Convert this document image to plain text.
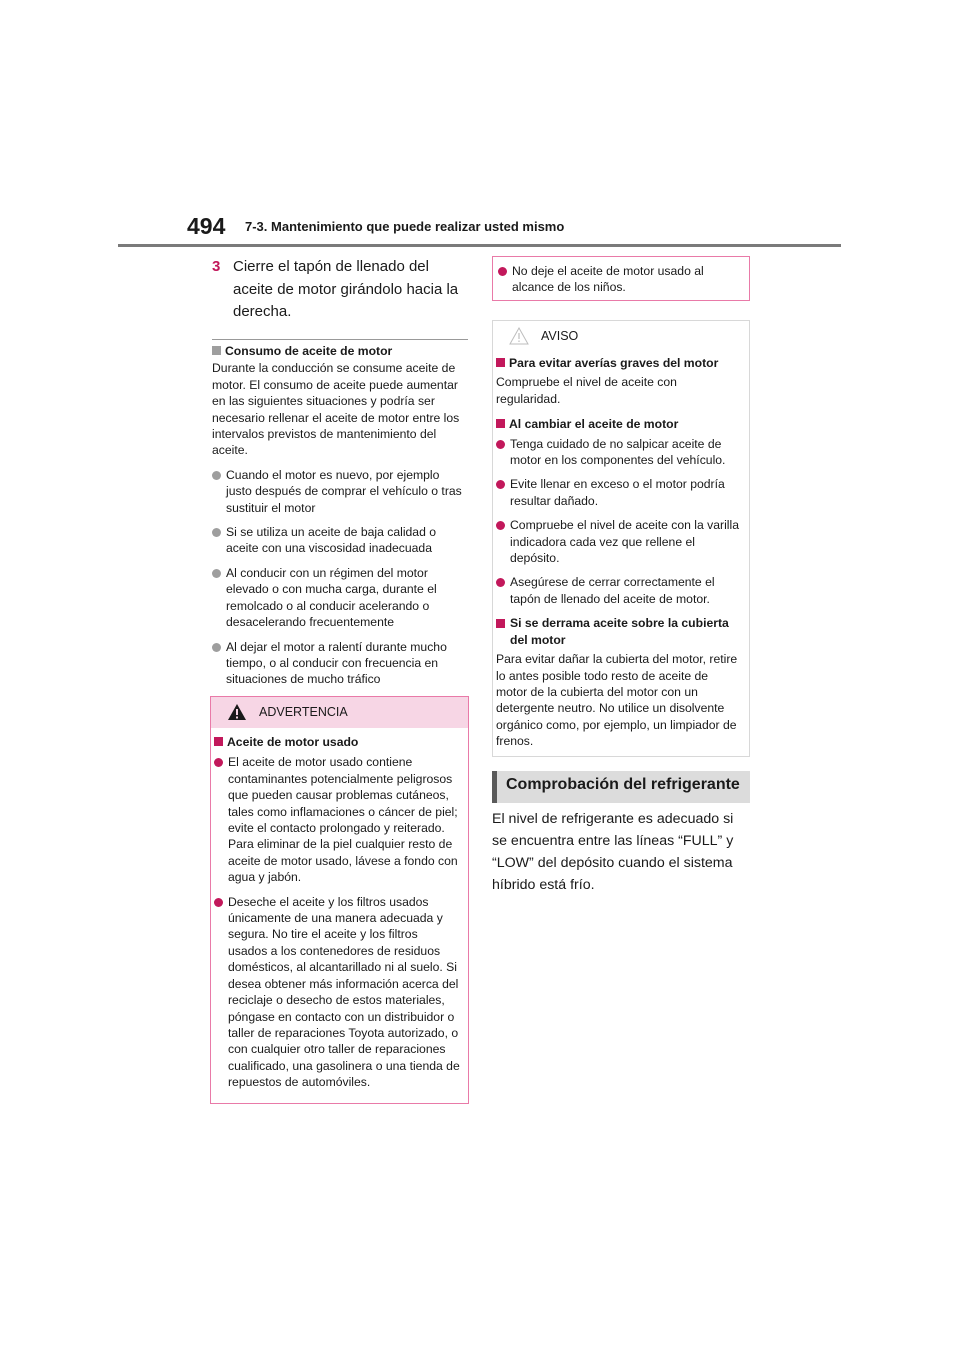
494 7-3. Mantenimiento que puede realizar usted mismo
3 Cierre el tapón de llenado del aceite de motor girándolo hacia la derecha.
Consumo de aceite de motor
Durante la conducción se consume aceite de motor. El consumo de aceite puede aumentar en las siguientes situaciones y podría ser necesario rellenar el aceite de motor entre los intervalos previstos de mantenimiento del aceite.
Cuando el motor es nuevo, por ejemplo justo después de comprar el vehículo o tras sustituir el motor
Si se utiliza un aceite de baja calidad o aceite con una viscosidad inadecuada
Al conducir con un régimen del motor elevado o con mucha carga, durante el remolcado o al conducir acelerando o desacelerando frecuentemente
Al dejar el motor a ralentí durante mucho tiempo, o al conducir con frecuencia en situaciones de mucho tráfico
ADVERTENCIA
Aceite de motor usado
El aceite de motor usado contiene contaminantes potencialmente peligrosos que pueden causar problemas cutáneos, tales como inflamaciones o cáncer de piel; evite el contacto prolongado y reiterado. Para eliminar de la piel cualquier resto de aceite de motor usado, lávese a fondo con agua y jabón.
Deseche el aceite y los filtros usados únicamente de una manera adecuada y segura. No tire el aceite y los filtros usados a los contenedores de residuos domésticos, al alcantarillado ni al suelo. Si desea obtener más información acerca del reciclaje o desecho de estos materiales, póngase en contacto con un distribuidor o taller de reparaciones Toyota autorizado, o con cualquier otro taller de reparaciones cualificado, una gasolinera o una tienda de repuestos de automóviles.
No deje el aceite de motor usado al alcance de los niños.
AVISO
Para evitar averías graves del motor
Compruebe el nivel de aceite con regularidad.
Al cambiar el aceite de motor
Tenga cuidado de no salpicar aceite de motor en los componentes del vehículo.
Evite llenar en exceso o el motor podría resultar dañado.
Compruebe el nivel de aceite con la varilla indicadora cada vez que rellene el depósito.
Asegúrese de cerrar correctamente el tapón de llenado del aceite de motor.
Si se derrama aceite sobre la cubierta del motor
Para evitar dañar la cubierta del motor, retire lo antes posible todo resto de aceite de motor de la cubierta del motor con un detergente neutro. No utilice un disolvente orgánico como, por ejemplo, un limpiador de frenos.
Comprobación del refrigerante
El nivel de refrigerante es adecuado si se encuentra entre las líneas “FULL” y “LOW” del depósito cuando el sistema híbrido está frío.
